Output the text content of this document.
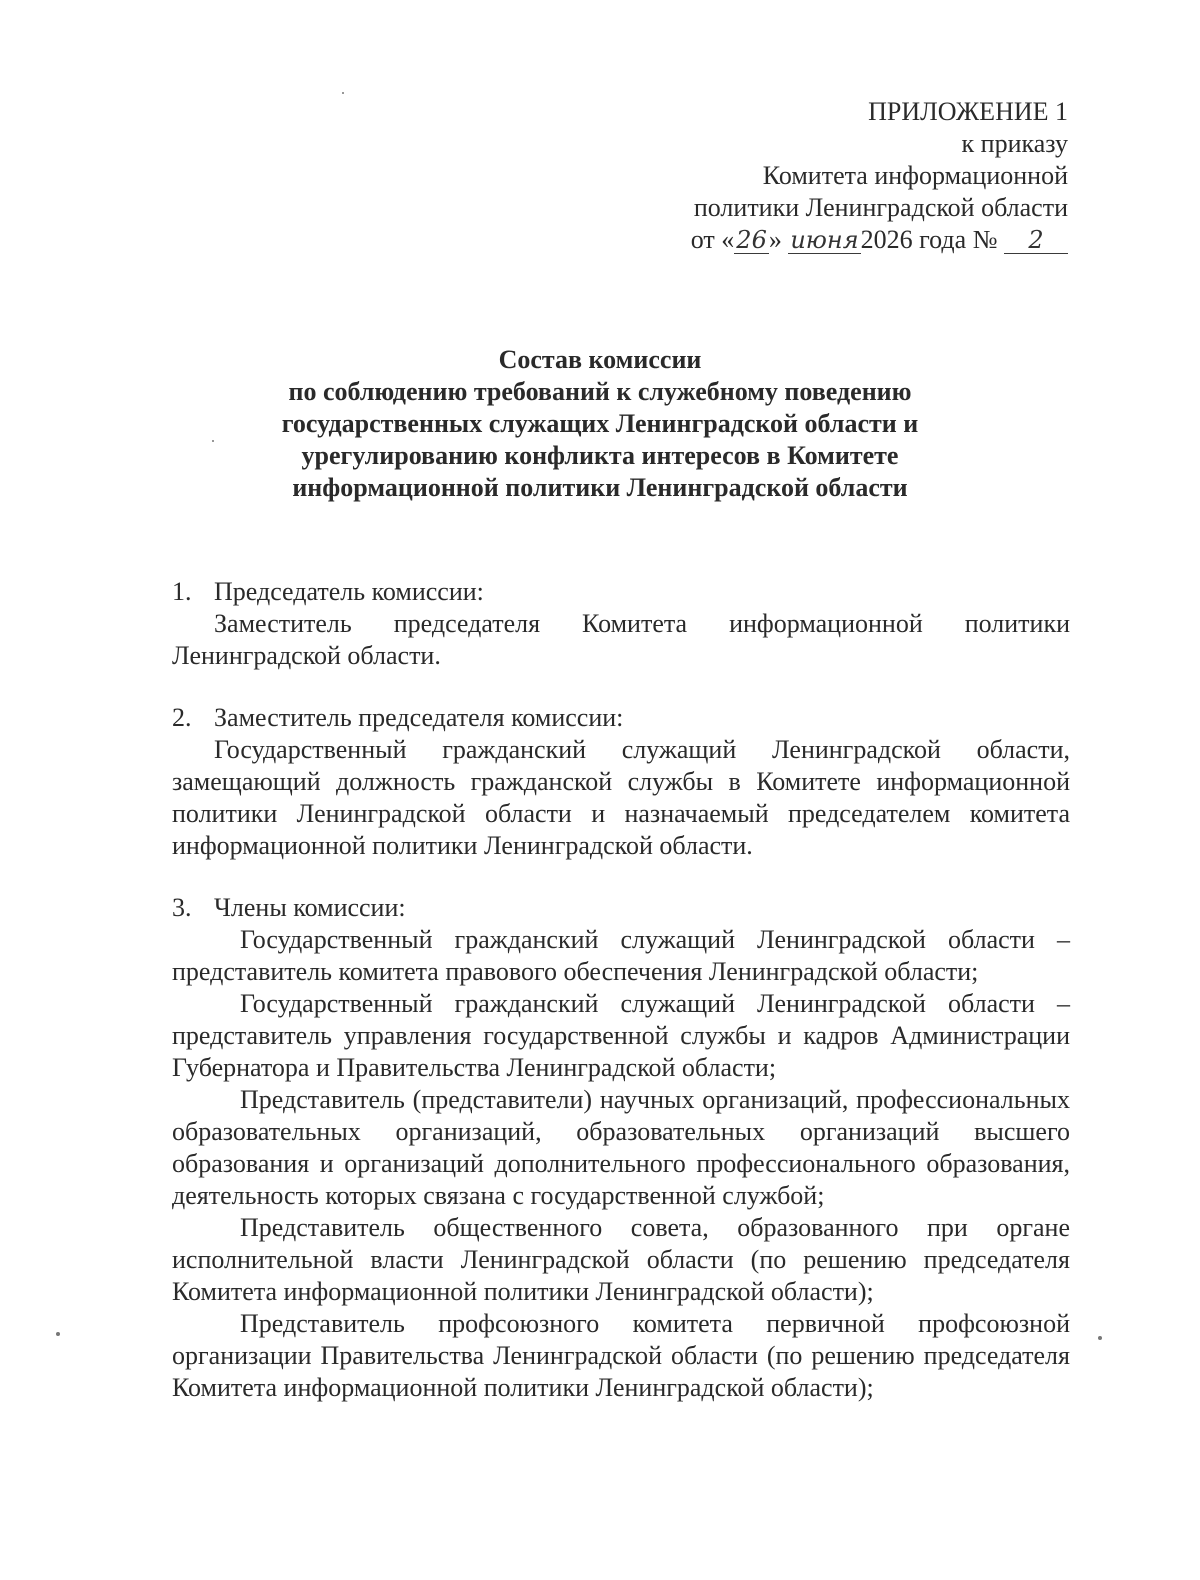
ПРИЛОЖЕНИЕ 1
к приказу
Комитета информационной
политики Ленинградской области
от «26» июня2026 года № 2
Состав комиссии
по соблюдению требований к служебному поведению
государственных служащих Ленинградской области и
урегулированию конфликта интересов в Комитете
информационной политики Ленинградской области
1. Председатель комиссии:

Заместитель председателя Комитета информационной политики Ленинградской области.

2. Заместитель председателя комиссии:

Государственный гражданский служащий Ленинградской области, замещающий должность гражданской службы в Комитете информационной политики Ленинградской области и назначаемый председателем комитета информационной политики Ленинградской области.

3. Члены комиссии:

Государственный гражданский служащий Ленинградской области – представитель комитета правового обеспечения Ленинградской области;

Государственный гражданский служащий Ленинградской области – представитель управления государственной службы и кадров Администрации Губернатора и Правительства Ленинградской области;

Представитель (представители) научных организаций, профессиональных образовательных организаций, образовательных организаций высшего образования и организаций дополнительного профессионального образования, деятельность которых связана с государственной службой;

Представитель общественного совета, образованного при органе исполнительной власти Ленинградской области (по решению председателя Комитета информационной политики Ленинградской области);

Представитель профсоюзного комитета первичной профсоюзной организации Правительства Ленинградской области (по решению председателя Комитета информационной политики Ленинградской области);
